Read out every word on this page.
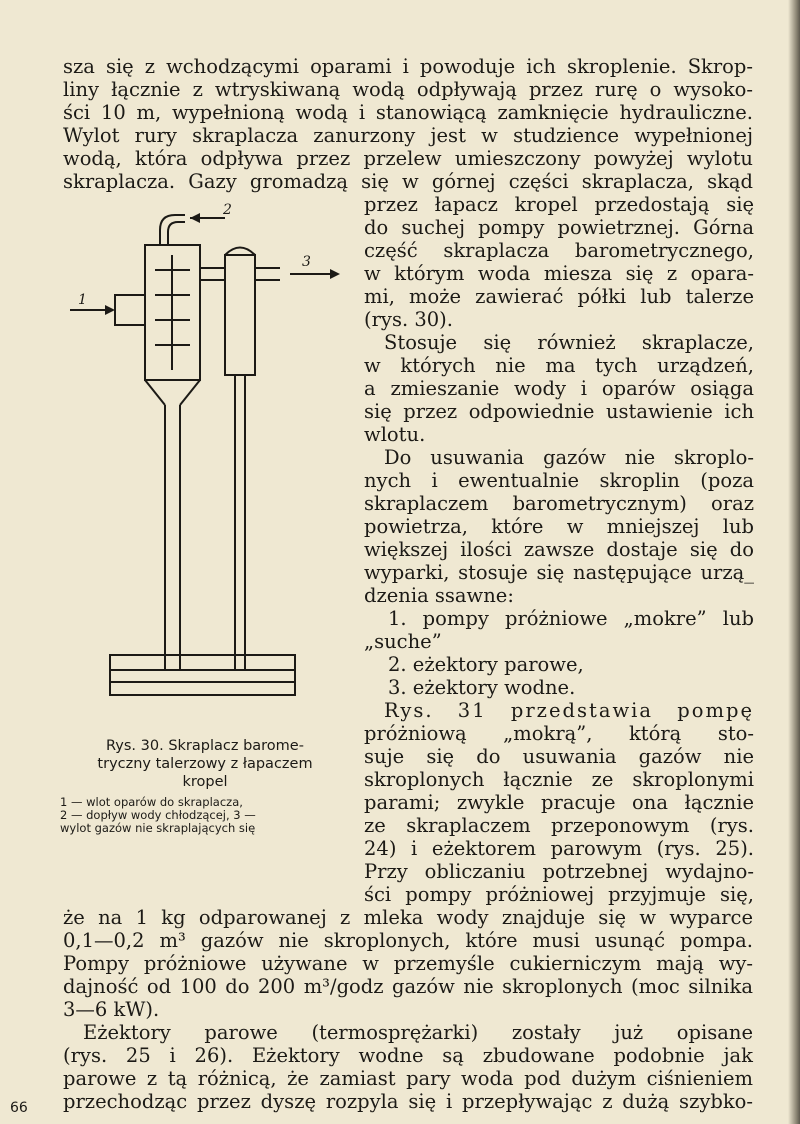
sza się z wchodzącymi oparami i powoduje ich skroplenie. Skrop-
liny łącznie z wtryskiwaną wodą odpływają przez rurę o wysoko-
ści 10 m, wypełnioną wodą i stanowiącą zamknięcie hydrauliczne.
Wylot rury skraplacza zanurzony jest w studzience wypełnionej
wodą, która odpływa przez przelew umieszczony powyżej wylotu
skraplacza. Gazy gromadzą się w górnej części skraplacza, skąd
przez łapacz kropel przedostają się
do suchej pompy powietrznej. Górna
część skraplacza barometrycznego,
w którym woda miesza się z opara-
mi, może zawierać półki lub talerze
(rys. 30).
Stosuje się również skraplacze,
w których nie ma tych urządzeń,
a zmieszanie wody i oparów osiąga
się przez odpowiednie ustawienie ich
wlotu.
Do usuwania gazów nie skroplo-
nych i ewentualnie skroplin (poza
skraplaczem barometrycznym) oraz
powietrza, które w mniejszej lub
większej ilości zawsze dostaje się do
wyparki, stosuje się następujące urzą_
dzenia ssawne:
1. pompy próżniowe „mokre” lub
„suche”
2. eżektory parowe,
3. eżektory wodne.
Rys. 31 przedstawia pompę
próżniową „mokrą”, którą sto-
suje się do usuwania gazów nie
skroplonych łącznie ze skroplonymi
parami; zwykle pracuje ona łącznie
ze skraplaczem przeponowym (rys.
24) i eżektorem parowym (rys. 25).
Przy obliczaniu potrzebnej wydajno-
ści pompy próżniowej przyjmuje się,
że na 1 kg odparowanej z mleka wody znajduje się w wyparce
0,1—0,2 m³ gazów nie skroplonych, które musi usunąć pompa.
Pompy próżniowe używane w przemyśle cukierniczym mają wy-
dajność od 100 do 200 m³/godz gazów nie skroplonych (moc silnika
3—6 kW).
Eżektory parowe (termosprężarki) zostały już opisane
(rys. 25 i 26). Eżektory wodne są zbudowane podobnie jak
1
2
3
Rys. 30. Skraplacz barome-
tryczny talerzowy z łapaczem
kropel
1 — wlot oparów do skraplacza,
2 — dopływ wody chłodzącej, 3 —
wylot gazów nie skraplających się
66
parowe z tą różnicą, że zamiast pary woda pod dużym ciśnieniem
przechodząc przez dyszę rozpyla się i przepływając z dużą szybko-
